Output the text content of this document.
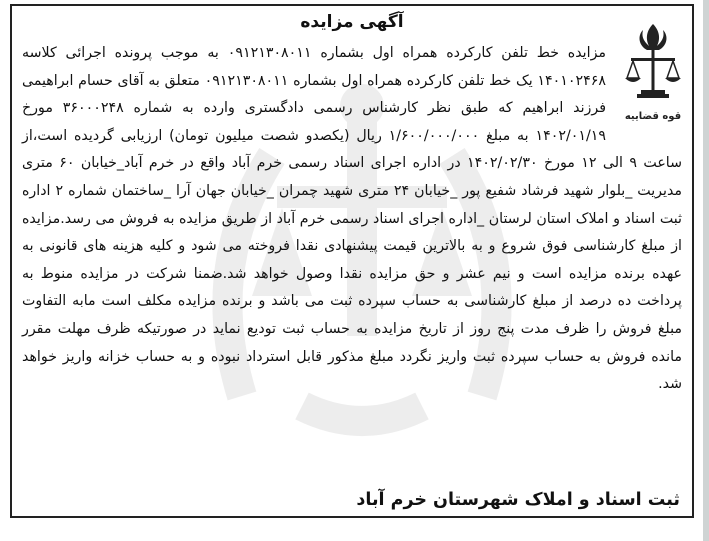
قوه قضاییه
آگهی مزایده
مزایده خط تلفن کارکرده همراه اول بشماره ۰۹۱۲۱۳۰۸۰۱۱ به موجب پرونده اجرائی کلاسه ۱۴۰۱۰۲۴۶۸ یک خط تلفن کارکرده همراه اول بشماره ۰۹۱۲۱۳۰۸۰۱۱ متعلق به آقای حسام ابراهیمی فرزند ابراهیم که طبق نظر کارشناس رسمی دادگستری وارده به شماره ۳۶۰۰۰۲۴۸ مورخ ۱۴۰۲/۰۱/۱۹ به مبلغ ۱/۶۰۰/۰۰۰/۰۰۰ ریال (یکصدو شصت میلیون تومان) ارزیابی گردیده است،از ساعت ۹ الی ۱۲ مورخ ۱۴۰۲/۰۲/۳۰ در اداره اجرای اسناد رسمی خرم آباد واقع در خرم آباد_خیابان ۶۰ متری مدیریت _بلوار شهید فرشاد شفیع پور _خیابان ۲۴ متری شهید چمران _خیابان جهان آرا _ساختمان شماره ۲ اداره ثبت اسناد و املاک استان لرستان _اداره اجرای اسناد رسمی خرم آباد از طریق مزایده به فروش می رسد.مزایده از مبلغ کارشناسی فوق شروع و به بالاترین قیمت پیشنهادی نقدا فروخته می شود و کلیه هزینه های قانونی به عهده برنده مزایده است و نیم عشر و حق مزایده نقدا وصول خواهد شد.ضمنا شرکت در مزایده منوط به پرداخت ده درصد از مبلغ کارشناسی به حساب سپرده ثبت می باشد و برنده مزایده مکلف است مابه التفاوت مبلغ فروش را ظرف مدت پنج روز از تاریخ مزایده به حساب ثبت تودیع نماید در صورتیکه ظرف مهلت مقرر مانده فروش به حساب سپرده ثبت واریز نگردد مبلغ مذکور قابل استرداد نبوده و به حساب خزانه واریز خواهد شد.
ثبت اسناد و املاک شهرستان خرم آباد
